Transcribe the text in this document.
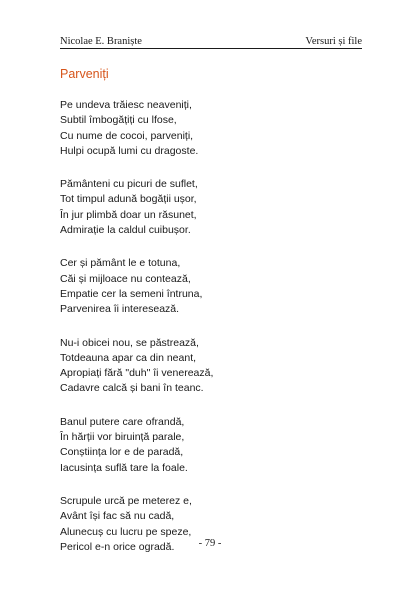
Nicolae E. Braniște	Versuri și file
Parveniți
Pe undeva trăiesc neaveniți,
Subtil îmbogățiți cu lfose,
Cu nume de cocoi, parveniți,
Hulpi ocupă lumi cu dragoste.
Pământeni cu picuri de suflet,
Tot timpul adună bogății ușor,
În jur plimbă doar un răsunet,
Admirație la caldul cuibușor.
Cer și pământ le e totuna,
Căi și mijloace nu contează,
Empatie cer la semeni întruna,
Parvenirea îi interesează.
Nu-i obicei nou, se păstrează,
Totdeauna apar ca din neant,
Apropiați fără "duh" îi venerează,
Cadavre calcă și bani în teanc.
Banul putere care ofrandă,
În hărții vor biruință parale,
Conștiința lor e de paradă,
Iacusința suflă tare la foale.
Scrupule urcă pe meterez e,
Avânt își fac să nu cadă,
Alunecuș cu lucru pe speze,
Pericol e-n orice ogradă.	- 79 -
